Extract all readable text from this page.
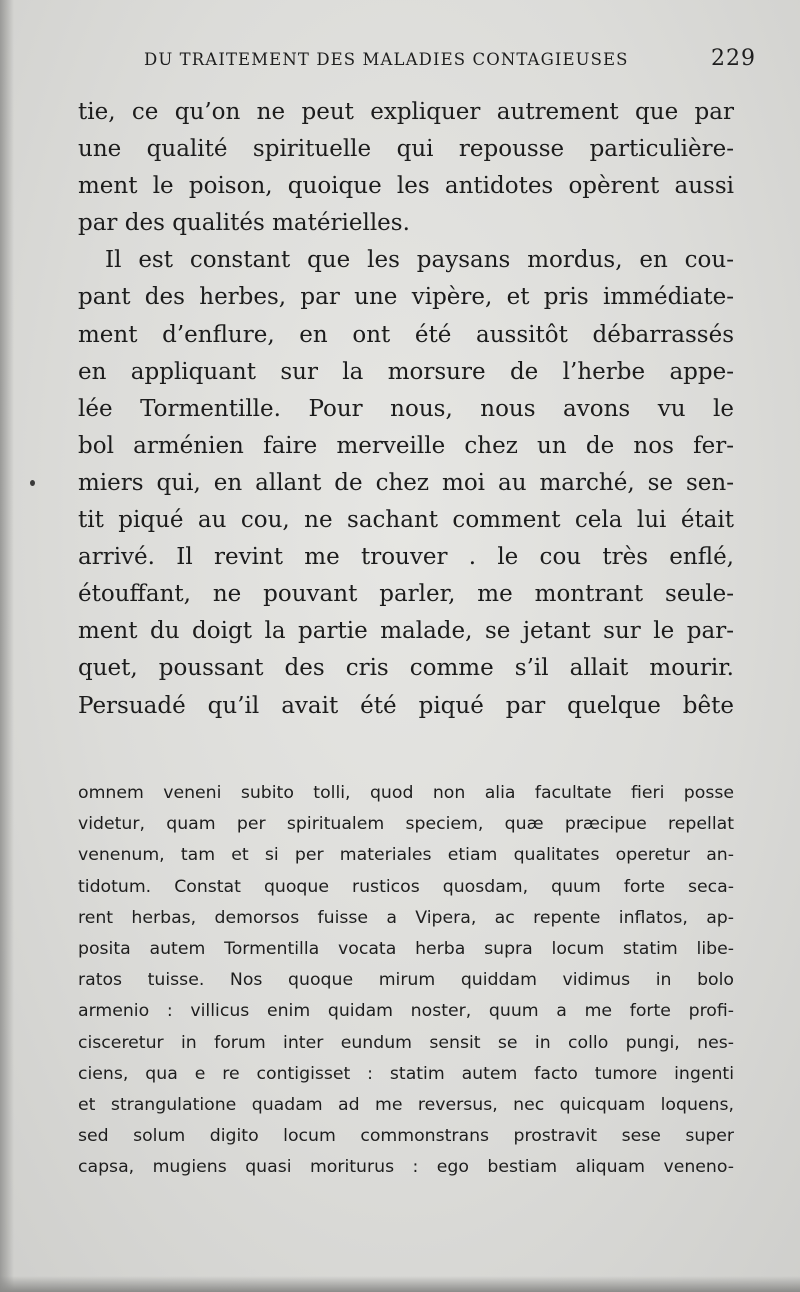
DU TRAITEMENT DES MALADIES CONTAGIEUSES	229
tie, ce qu’on ne peut expliquer autrement que par
une qualité spirituelle qui repousse particulière-
ment le poison, quoique les antidotes opèrent aussi
par des qualités matérielles.
Il est constant que les paysans mordus, en cou-
pant des herbes, par une vipère, et pris immédiate-
ment d’enflure, en ont été aussitôt débarrassés
en appliquant sur la morsure de l’herbe appe-
lée Tormentille. Pour nous, nous avons vu le
bol arménien faire merveille chez un de nos fer-
miers qui, en allant de chez moi au marché, se sen-
tit piqué au cou, ne sachant comment cela lui était
arrivé. Il revint me trouver . le cou très enflé,
étouffant, ne pouvant parler, me montrant seule-
ment du doigt la partie malade, se jetant sur le par-
quet, poussant des cris comme s’il allait mourir.
Persuadé qu’il avait été piqué par quelque bête
omnem veneni subito tolli, quod non alia facultate fieri posse
videtur, quam per spiritualem speciem, quæ præcipue repellat
venenum, tam et si per materiales etiam qualitates operetur an-
tidotum. Constat quoque rusticos quosdam, quum forte seca-
rent herbas, demorsos fuisse a Vipera, ac repente inflatos, ap-
posita autem Tormentilla vocata herba supra locum statim libe-
ratos tuisse. Nos quoque mirum quiddam vidimus in bolo
armenio : villicus enim quidam noster, quum a me forte profi-
cisceretur in forum inter eundum sensit se in collo pungi, nes-
ciens, qua e re contigisset : statim autem facto tumore ingenti
et strangulatione quadam ad me reversus, nec quicquam loquens,
sed solum digito locum commonstrans prostravit sese super
capsa, mugiens quasi moriturus : ego bestiam aliquam veneno-
